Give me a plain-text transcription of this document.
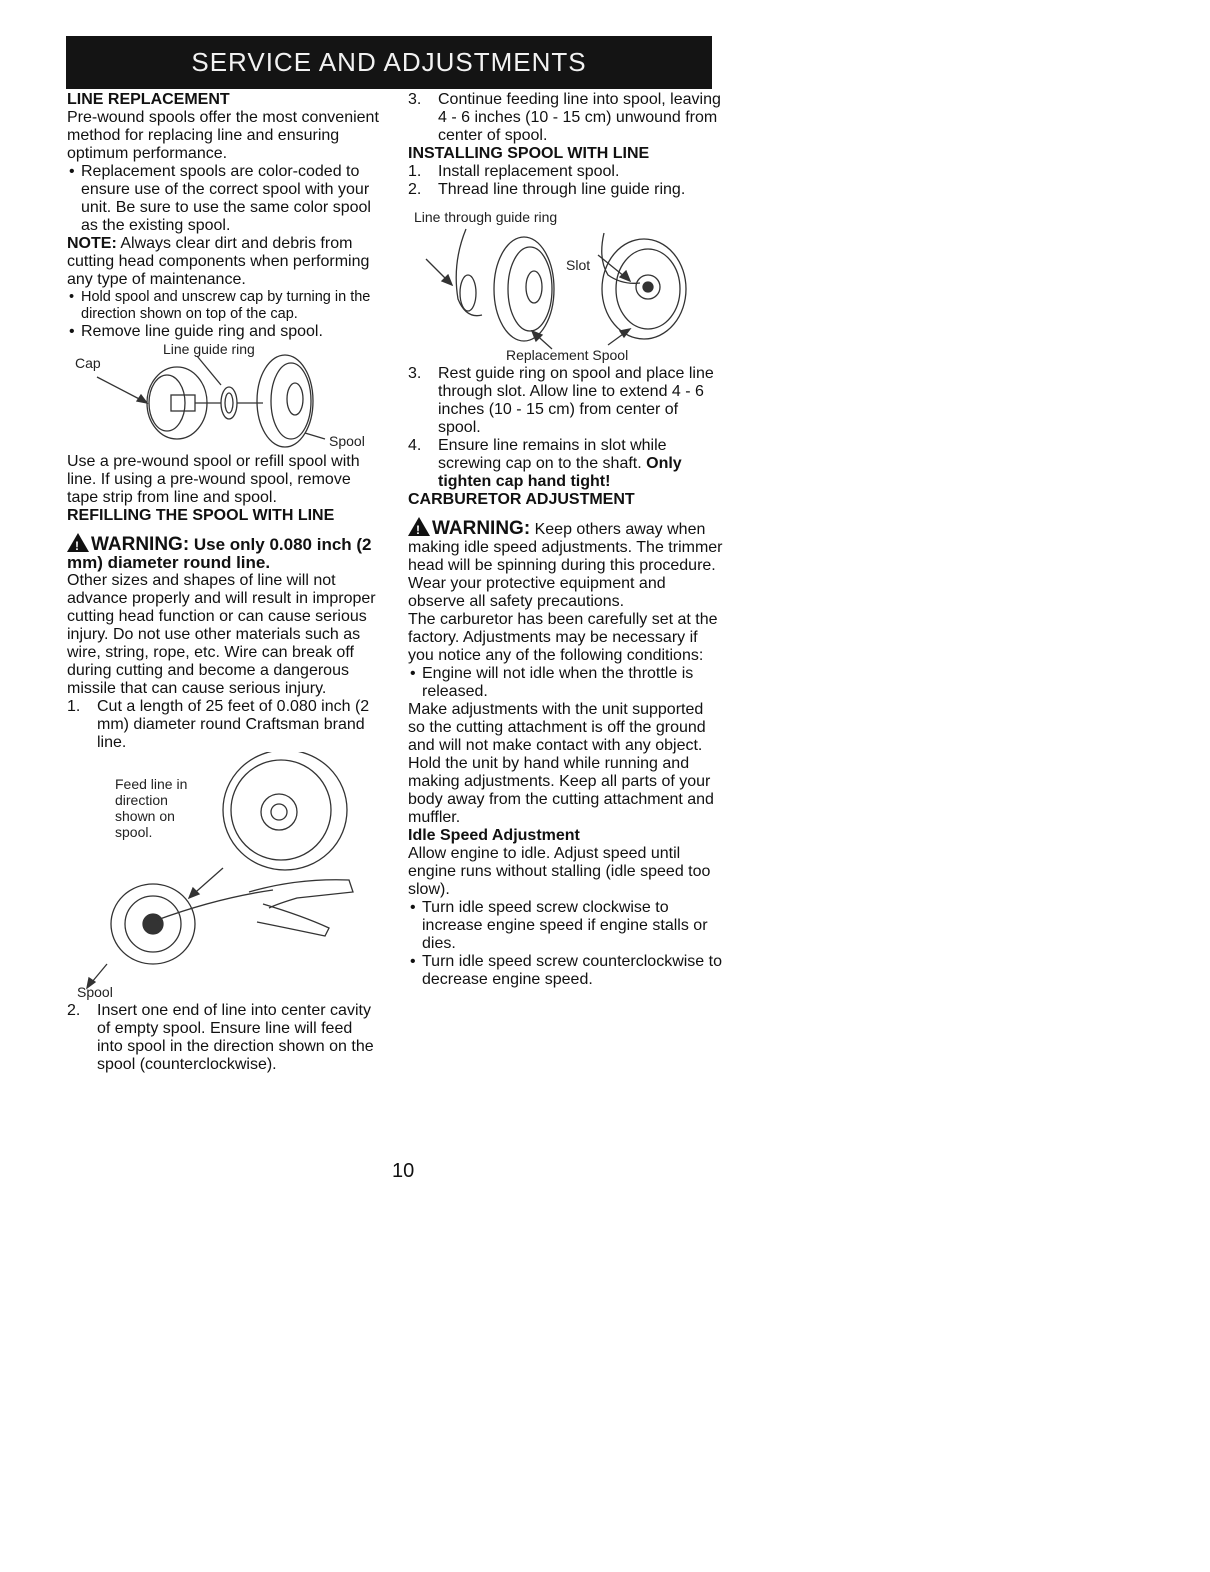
SERVICE AND ADJUSTMENTS

LINE REPLACEMENT

Pre-wound spools offer the most convenient method for replacing line and ensuring optimum performance.

• Replacement spools are color-coded to ensure use of the correct spool with your unit. Be sure to use the same color spool as the existing spool.

NOTE: Always clear dirt and debris from cutting head components when performing any type of maintenance.

• Hold spool and unscrew cap by turning in the direction shown on top of the cap.
• Remove line guide ring and spool.
Cap
Line guide ring
Spool

Use a pre-wound spool or refill spool with line. If using a pre-wound spool, remove tape strip from line and spool.

REFILLING THE SPOOL WITH LINE

!WARNING: Use only 0.080 inch (2 mm) diameter round line.

Other sizes and shapes of line will not advance properly and will result in improper cutting head function or can cause serious injury. Do not use other materials such as wire, string, rope, etc. Wire can break off during cutting and become a dangerous missile that can cause serious injury.

1. Cut a length of 25 feet of 0.080 inch (2 mm) diameter round Craftsman brand line.
Feed line in direction shown on spool.
Spool
2. Insert one end of line into center cavity of empty spool. Ensure line will feed into spool in the direction shown on the spool (counterclockwise).
3. Continue feeding line into spool, leaving 4 - 6 inches (10 - 15 cm) unwound from center of spool.

INSTALLING SPOOL WITH LINE

1. Install replacement spool.
2. Thread line through line guide ring.
Line through guide ring
Slot
Replacement Spool
3. Rest guide ring on spool and place line through slot. Allow line to extend 4 - 6 inches (10 - 15 cm) from center of spool.
4. Ensure line remains in slot while screwing cap on to the shaft. Only tighten cap hand tight!

CARBURETOR ADJUSTMENT

!WARNING: Keep others away when making idle speed adjustments. The trimmer head will be spinning during this procedure. Wear your protective equipment and observe all safety precautions.

The carburetor has been carefully set at the factory. Adjustments may be necessary if you notice any of the following conditions:

• Engine will not idle when the throttle is released.

Make adjustments with the unit supported so the cutting attachment is off the ground and will not make contact with any object. Hold the unit by hand while running and making adjustments. Keep all parts of your body away from the cutting attachment and muffler.

Idle Speed Adjustment

Allow engine to idle. Adjust speed until engine runs without stalling (idle speed too slow).

• Turn idle speed screw clockwise to increase engine speed if engine stalls or dies.
• Turn idle speed screw counterclockwise to decrease engine speed.
10
